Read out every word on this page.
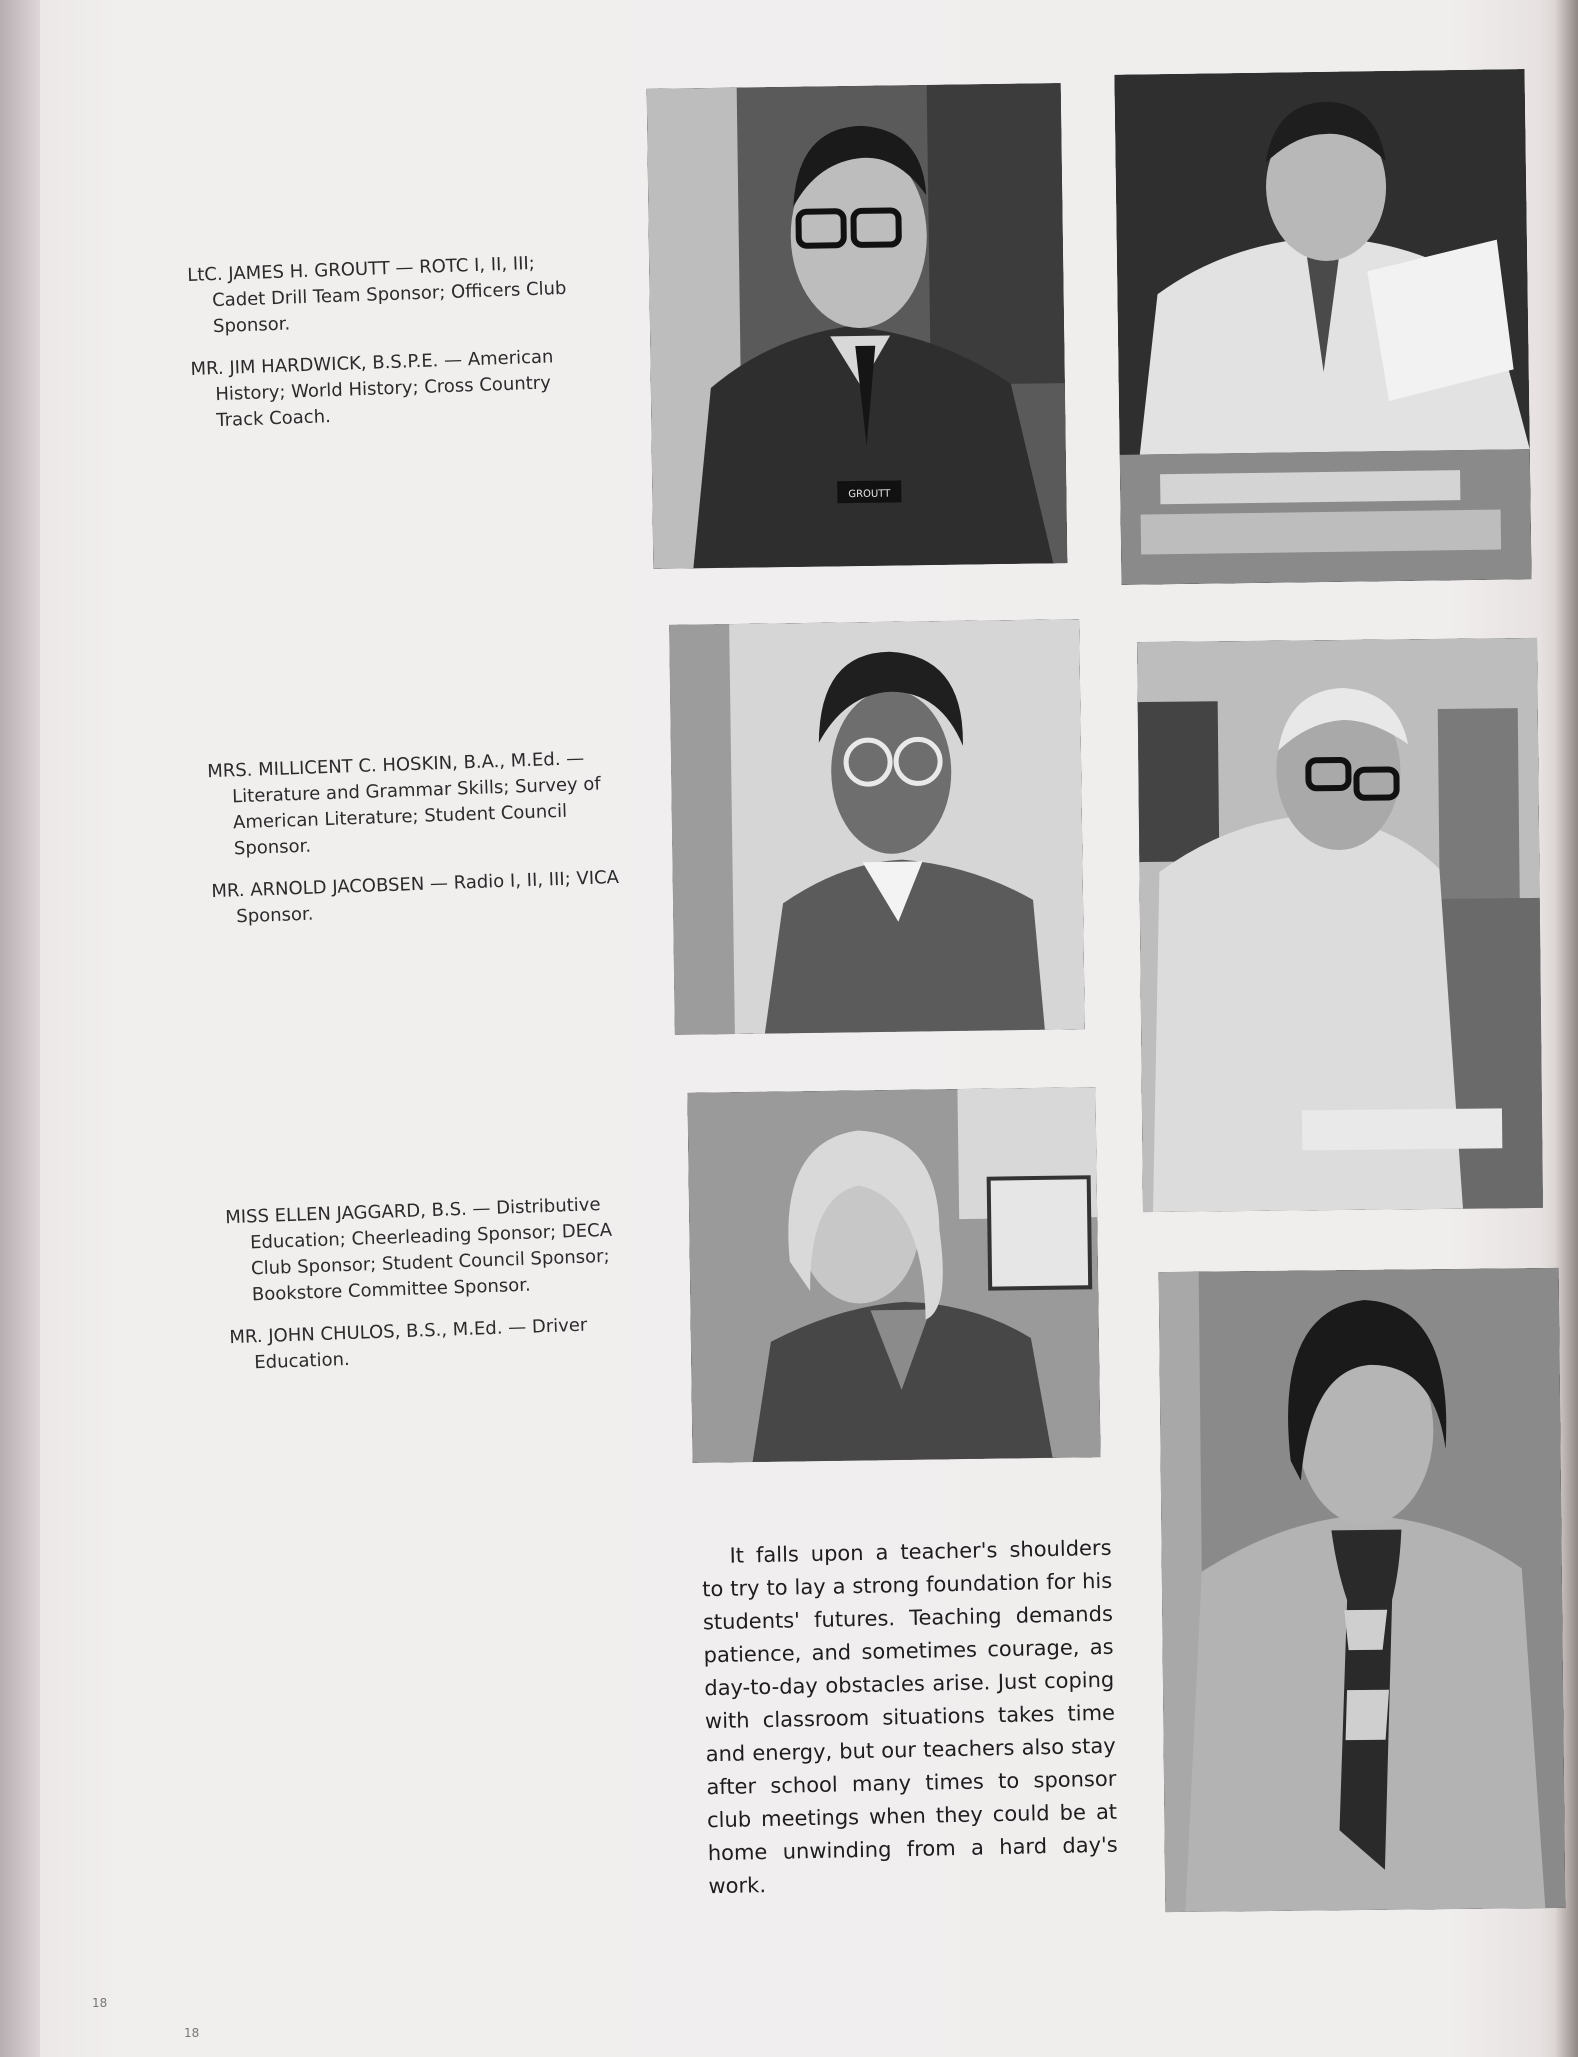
LtC. JAMES H. GROUTT — ROTC I, II, III; Cadet Drill Team Sponsor; Officers Club Sponsor.

MR. JIM HARDWICK, B.S.P.E. — American History; World History; Cross Country Track Coach.

MRS. MILLICENT C. HOSKIN, B.A., M.Ed. — Literature and Grammar Skills; Survey of American Literature; Student Council Sponsor.

MR. ARNOLD JACOBSEN — Radio I, II, III; VICA Sponsor.

MISS ELLEN JAGGARD, B.S. — Distributive Education; Cheerleading Sponsor; DECA Club Sponsor; Student Council Sponsor; Bookstore Committee Sponsor.

MR. JOHN CHULOS, B.S., M.Ed. — Driver Education.

GROUTT

It falls upon a teacher's shoulders to try to lay a strong foundation for his students' futures. Teaching demands patience, and sometimes courage, as day-to-day obstacles arise. Just coping with classroom situations takes time and energy, but our teachers also stay after school many times to sponsor club meetings when they could be at home unwinding from a hard day's work.

18
18
